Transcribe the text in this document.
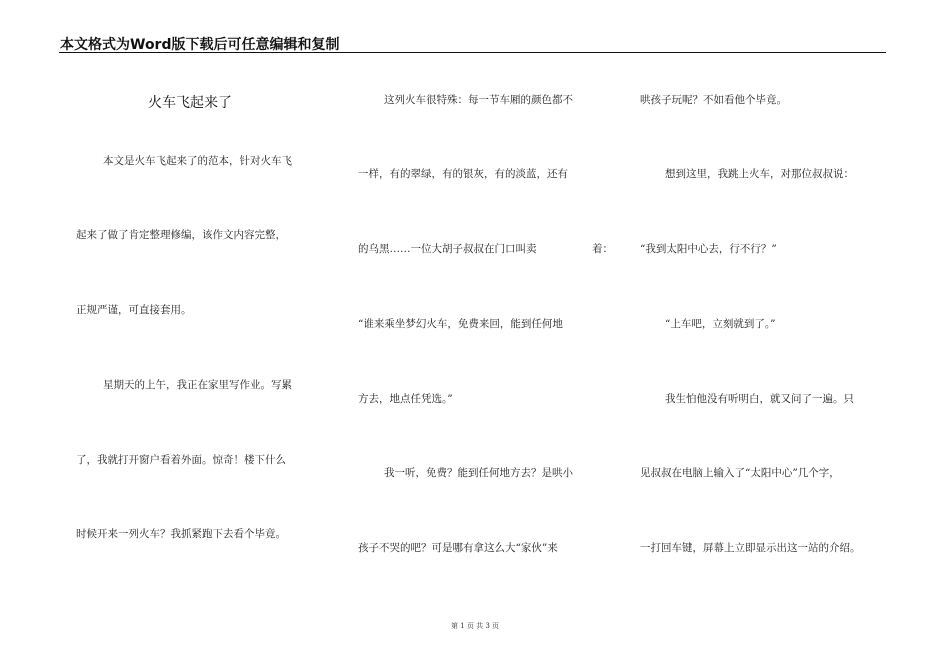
本文格式为Word版下载后可任意编辑和复制
火车飞起来了
本文是火车飞起来了的范本，针对火车飞
起来了做了肯定整理修编，该作文内容完整，
正规严谨，可直接套用。
星期天的上午，我正在家里写作业。写累
了，我就打开窗户看着外面。惊奇！楼下什么
时候开来一列火车？我抓紧跑下去看个毕竟。
这列火车很特殊：每一节车厢的颜色都不
一样，有的翠绿，有的银灰，有的淡蓝，还有
的乌黑……一位大胡子叔叔在门口叫卖	着：
“谁来乘坐梦幻火车，免费来回，能到任何地
方去，地点任凭选。”
我一听，免费？能到任何地方去？是哄小
孩子不哭的吧？可是哪有拿这么大“家伙”来
哄孩子玩呢？不如看他个毕竟。
想到这里，我跳上火车，对那位叔叔说：
“我到太阳中心去，行不行？”
“上车吧，立刻就到了。”
我生怕他没有听明白，就又问了一遍。只
见叔叔在电脑上输入了“太阳中心”几个字，
一打回车键，屏幕上立即显示出这一站的介绍。
第 1 页 共 3 页
